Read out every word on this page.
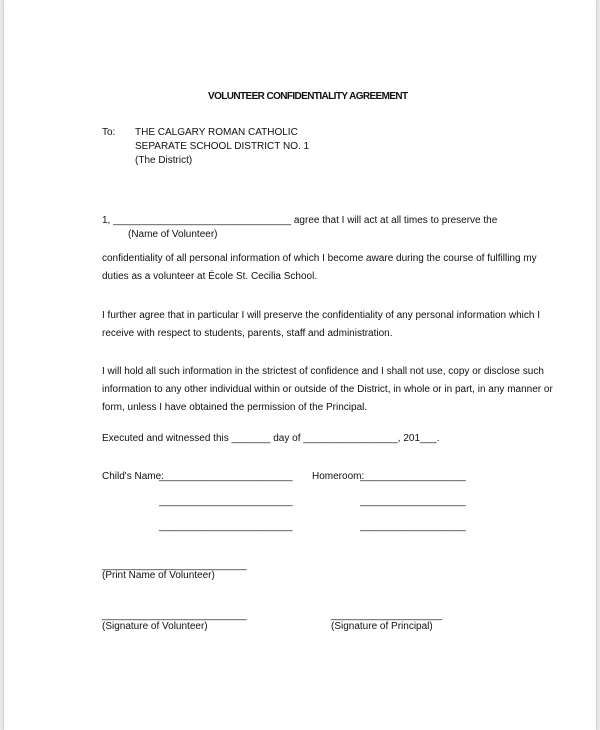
VOLUNTEER CONFIDENTIALITY AGREEMENT
To: THE CALGARY ROMAN CATHOLIC
SEPARATE SCHOOL DISTRICT NO. 1
(The District)
1, ________________________________ agree that I will act at all times to preserve the
(Name of Volunteer)
confidentiality of all personal information of which I become aware during the course of fulfilling my
duties as a volunteer at École St. Cecilia School.
I further agree that in particular I will preserve the confidentiality of any personal information which I
receive with respect to students, parents, staff and administration.
I will hold all such information in the strictest of confidence and I shall not use, copy or disclose such
information to any other individual within or outside of the District, in whole or in part, in any manner or
form, unless I have obtained the permission of the Principal.
Executed and witnessed this _______ day of _________________, 201___.
Child's Name:
________________________ Homeroom:
___________________
________________________	___________________
________________________	___________________
__________________________
(Print Name of Volunteer)
__________________________
(Signature of Volunteer)
____________________
(Signature of Principal)
